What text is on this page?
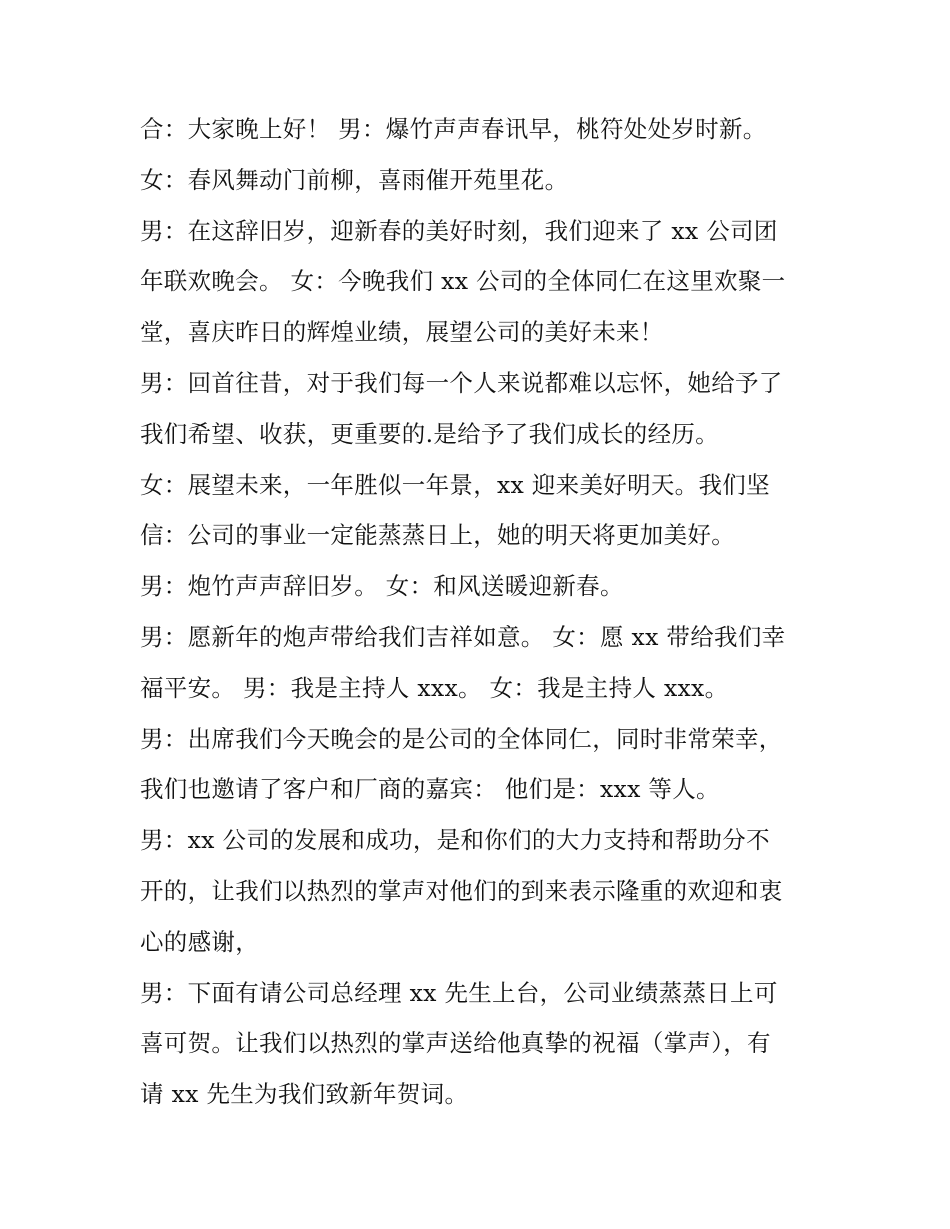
合：大家晚上好！ 男：爆竹声声春讯早，桃符处处岁时新。
女：春风舞动门前柳，喜雨催开苑里花。
男：在这辞旧岁，迎新春的美好时刻，我们迎来了 xx 公司团
年联欢晚会。 女：今晚我们 xx 公司的全体同仁在这里欢聚一
堂，喜庆昨日的辉煌业绩，展望公司的美好未来！
男：回首往昔，对于我们每一个人来说都难以忘怀，她给予了
我们希望、收获，更重要的.是给予了我们成长的经历。
女：展望未来，一年胜似一年景，xx 迎来美好明天。我们坚
信：公司的事业一定能蒸蒸日上，她的明天将更加美好。
男：炮竹声声辞旧岁。 女：和风送暖迎新春。
男：愿新年的炮声带给我们吉祥如意。 女：愿 xx 带给我们幸
福平安。 男：我是主持人 xxx。 女：我是主持人 xxx。
男：出席我们今天晚会的是公司的全体同仁，同时非常荣幸，
我们也邀请了客户和厂商的嘉宾： 他们是：xxx 等人。
男：xx 公司的发展和成功，是和你们的大力支持和帮助分不
开的，让我们以热烈的掌声对他们的到来表示隆重的欢迎和衷
心的感谢，
男：下面有请公司总经理 xx 先生上台，公司业绩蒸蒸日上可
喜可贺。让我们以热烈的掌声送给他真挚的祝福（掌声），有
请 xx 先生为我们致新年贺词。
